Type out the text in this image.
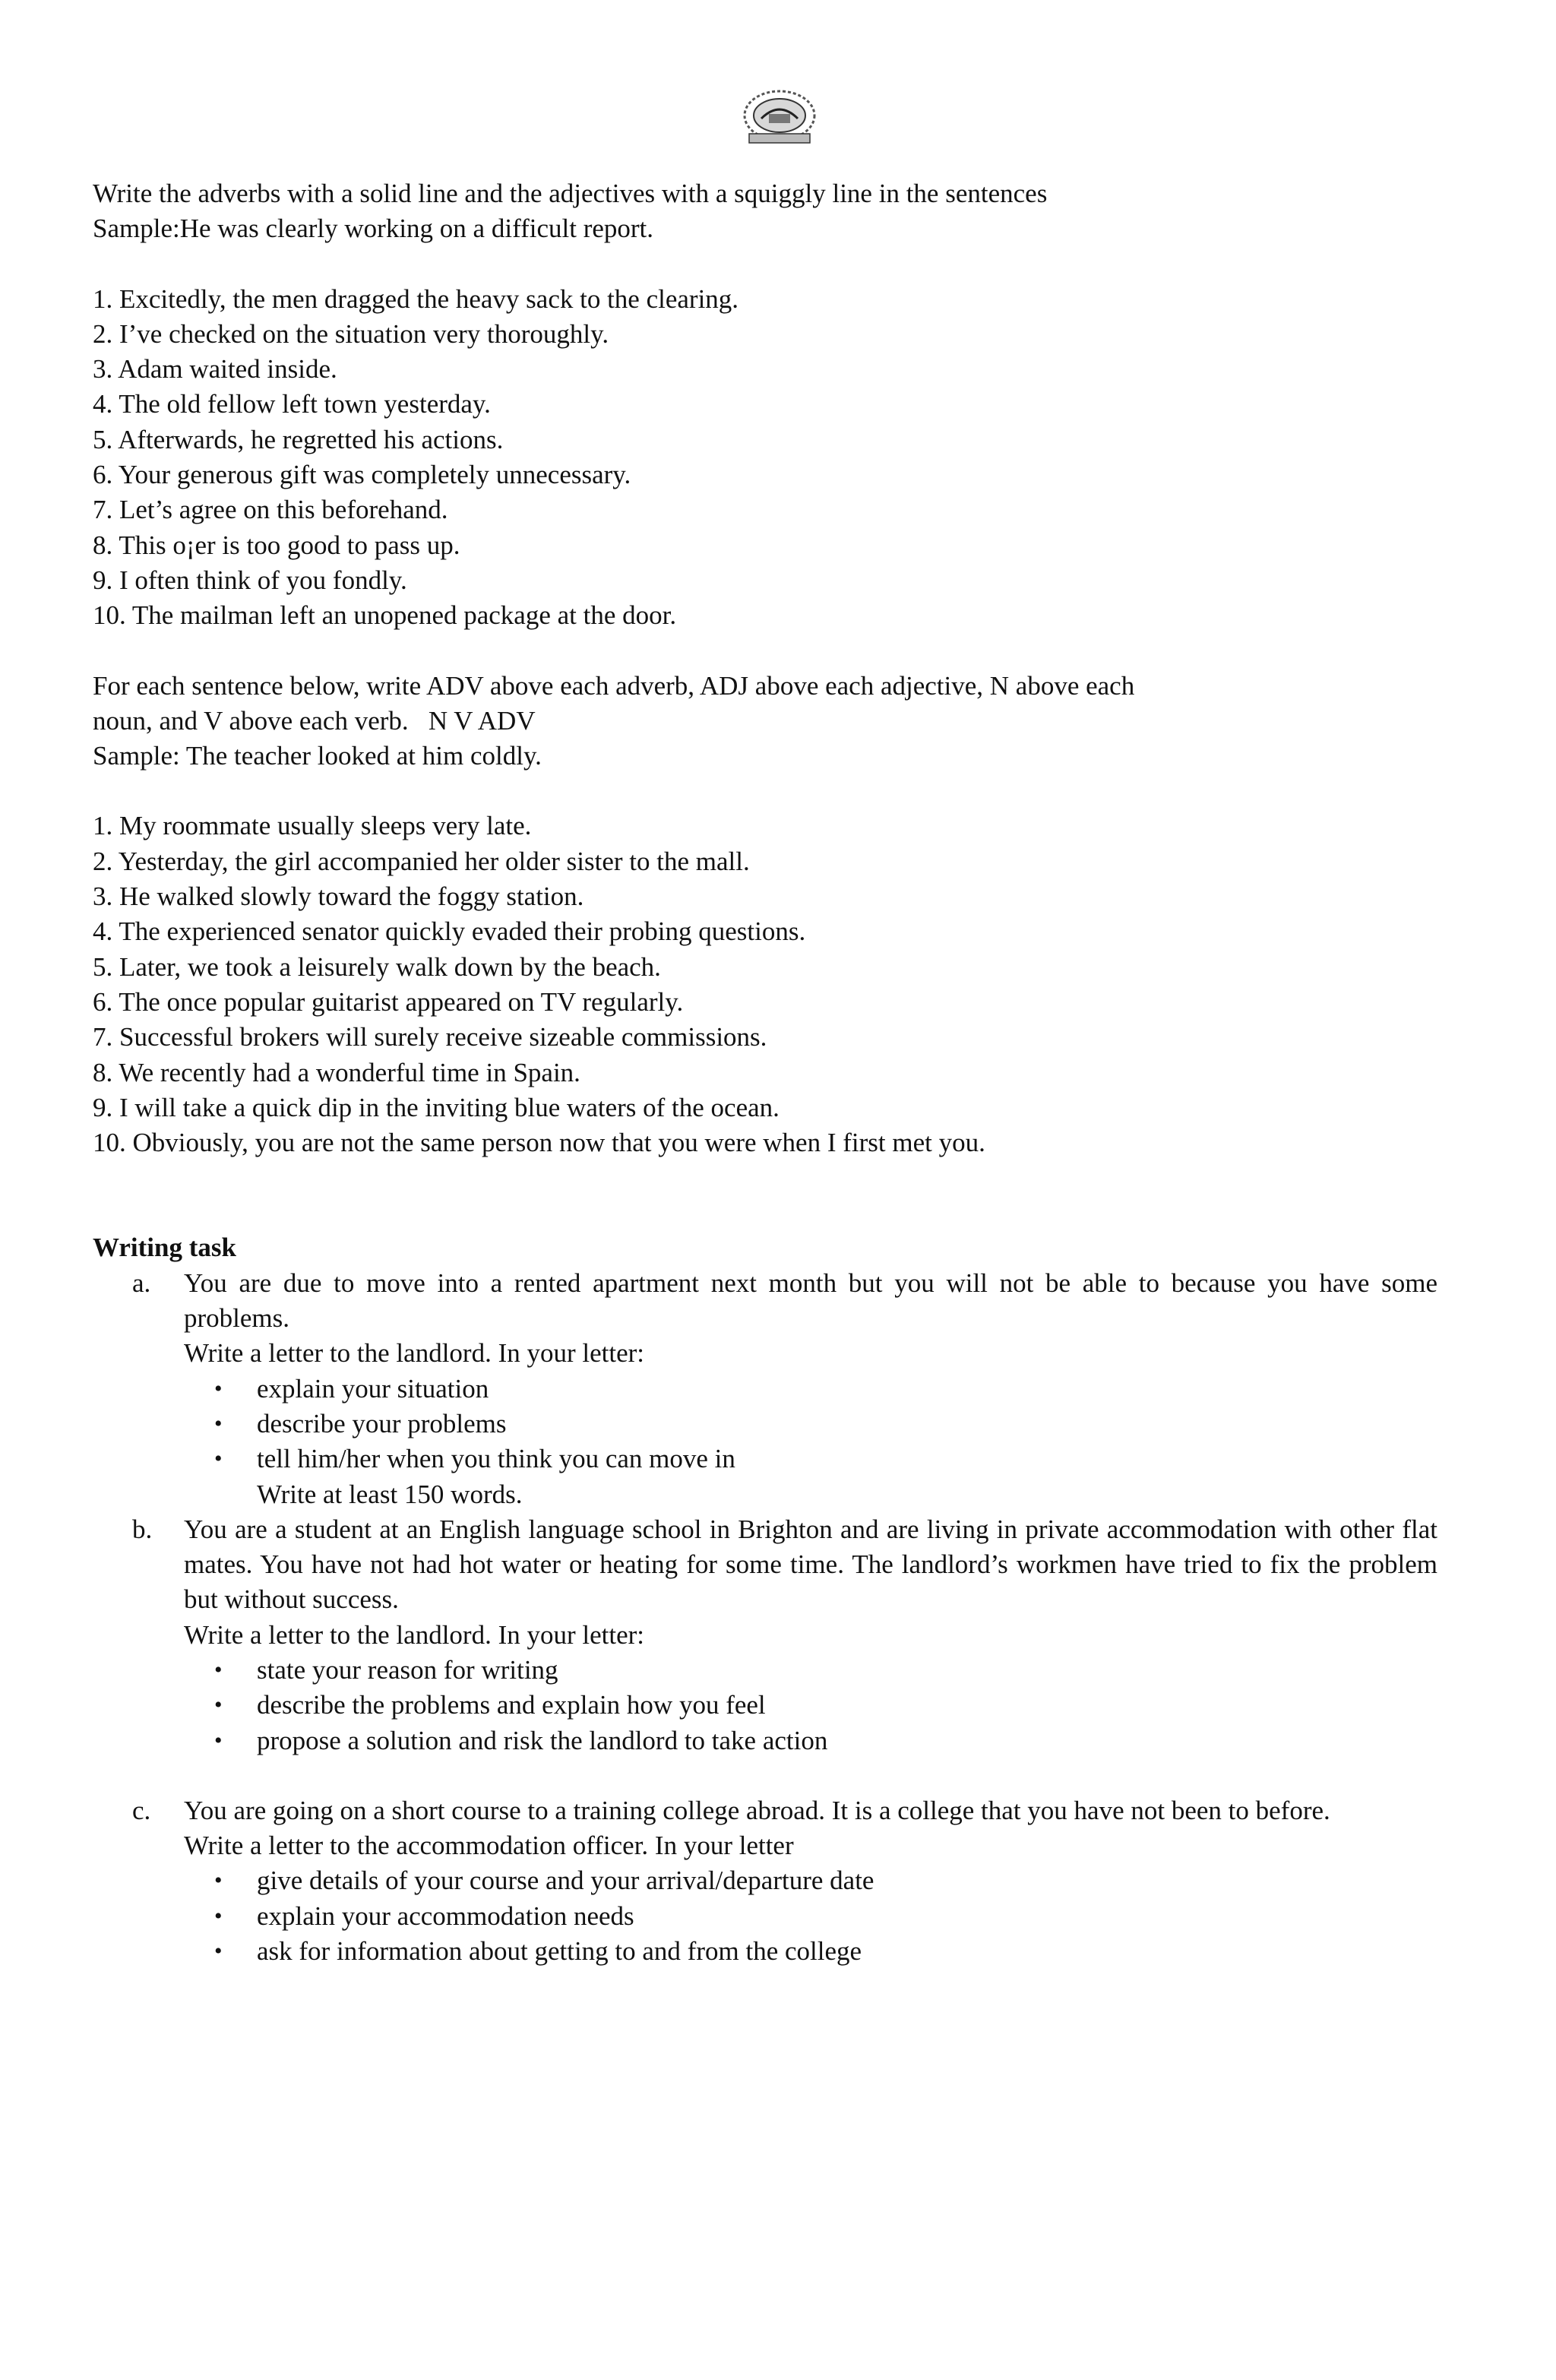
Write the adverbs with a solid line and the adjectives with a squiggly line in the sentences

Sample:He was clearly working on a difficult report.

1. Excitedly, the men dragged the heavy sack to the clearing.

2. I’ve checked on the situation very thoroughly.

3. Adam waited inside.

4. The old fellow left town yesterday.

5. Afterwards, he regretted his actions.

6. Your generous gift was completely unnecessary.

7. Let’s agree on this beforehand.

8. This o¡er is too good to pass up.

9. I often think of you fondly.

10. The mailman left an unopened package at the door.

For each sentence below, write ADV above each adverb, ADJ above each adjective, N above each

noun, and V above each verb.   N V ADV

Sample: The teacher looked at him coldly.

1. My roommate usually sleeps very late.

2. Yesterday, the girl accompanied her older sister to the mall.

3. He walked slowly toward the foggy station.

4. The experienced senator quickly evaded their probing questions.

5. Later, we took a leisurely walk down by the beach.

6. The once popular guitarist appeared on TV regularly.

7. Successful brokers will surely receive sizeable commissions.

8. We recently had a wonderful time in Spain.

9. I will take a quick dip in the inviting blue waters of the ocean.

10. Obviously, you are not the same person now that you were when I first met you.

Writing task

a. You are due to move into a rented apartment next month but you will not be able to because you have some problems.

Write a letter to the landlord. In your letter:

• explain your situation
• describe your problems
• tell him/her when you think you can move in

Write at least 150 words.

b. You are a student at an English language school in Brighton and are living in private accommodation with other flat mates. You have not had hot water or heating for some time. The landlord’s workmen have tried to fix the problem but without success.

Write a letter to the landlord. In your letter:

• state your reason for writing
• describe the problems and explain how you feel
• propose a solution and risk the landlord to take action
c. You are going on a short course to a training college abroad. It is a college that you have not been to before.

Write a letter to the accommodation officer. In your letter

• give details of your course and your arrival/departure date
• explain your accommodation needs
• ask for information about getting to and from the college
